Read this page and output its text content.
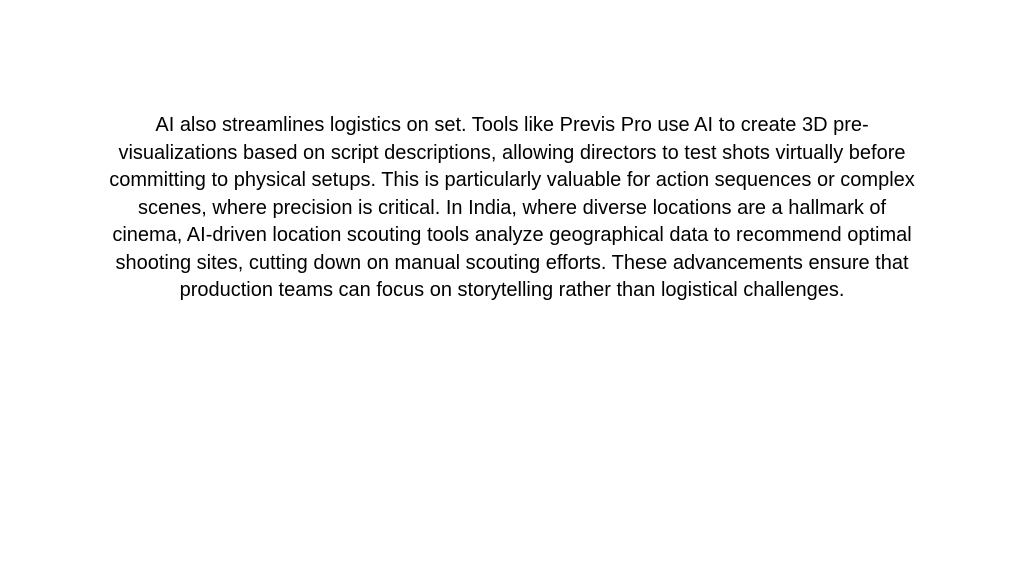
AI also streamlines logistics on set. Tools like Previs Pro use AI to create 3D pre-
visualizations based on script descriptions, allowing directors to test shots virtually before
committing to physical setups. This is particularly valuable for action sequences or complex
scenes, where precision is critical. In India, where diverse locations are a hallmark of
cinema, AI-driven location scouting tools analyze geographical data to recommend optimal
shooting sites, cutting down on manual scouting efforts. These advancements ensure that
production teams can focus on storytelling rather than logistical challenges.
